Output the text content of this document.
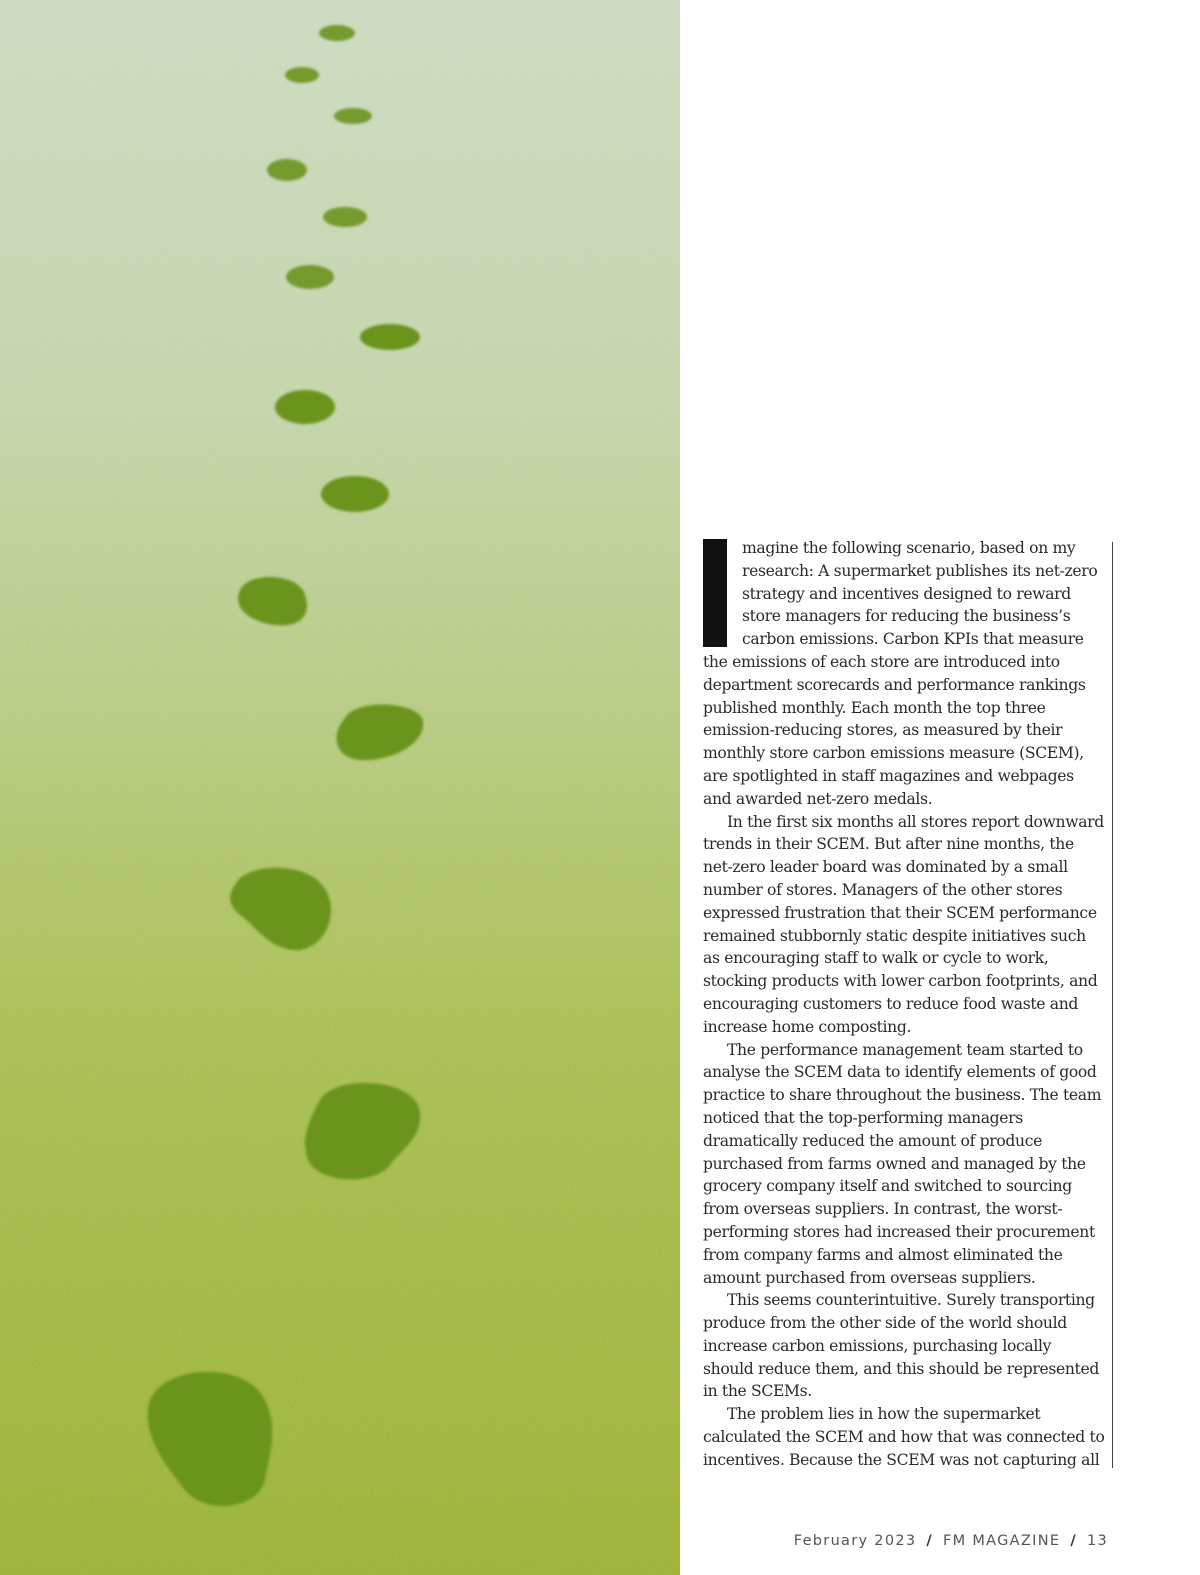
magine the following scenario, based on my research: A supermarket publishes its net-zero strategy and incentives designed to reward store managers for reducing the business’s carbon emissions. Carbon KPIs that measure the emissions of each store are introduced into department scorecards and performance rankings published monthly. Each month the top three emission-reducing stores, as measured by their monthly store carbon emissions measure (SCEM), are spotlighted in staff magazines and webpages and awarded net-zero medals.

In the first six months all stores report downward trends in their SCEM. But after nine months, the net-zero leader board was dominated by a small number of stores. Managers of the other stores expressed frustration that their SCEM performance remained stubbornly static despite initiatives such as encouraging staff to walk or cycle to work, stocking products with lower carbon footprints, and encouraging customers to reduce food waste and increase home composting.

The performance management team started to analyse the SCEM data to identify elements of good practice to share throughout the business. The team noticed that the top-performing managers dramatically reduced the amount of produce purchased from farms owned and managed by the grocery company itself and switched to sourcing from overseas suppliers. In contrast, the worst-performing stores had increased their procurement from company farms and almost eliminated the amount purchased from overseas suppliers.

This seems counterintuitive. Surely transporting produce from the other side of the world should increase carbon emissions, purchasing locally should reduce them, and this should be represented in the SCEMs.

The problem lies in how the supermarket calculated the SCEM and how that was connected to incentives. Because the SCEM was not capturing all

February 2023 / FM MAGAZINE / 13
